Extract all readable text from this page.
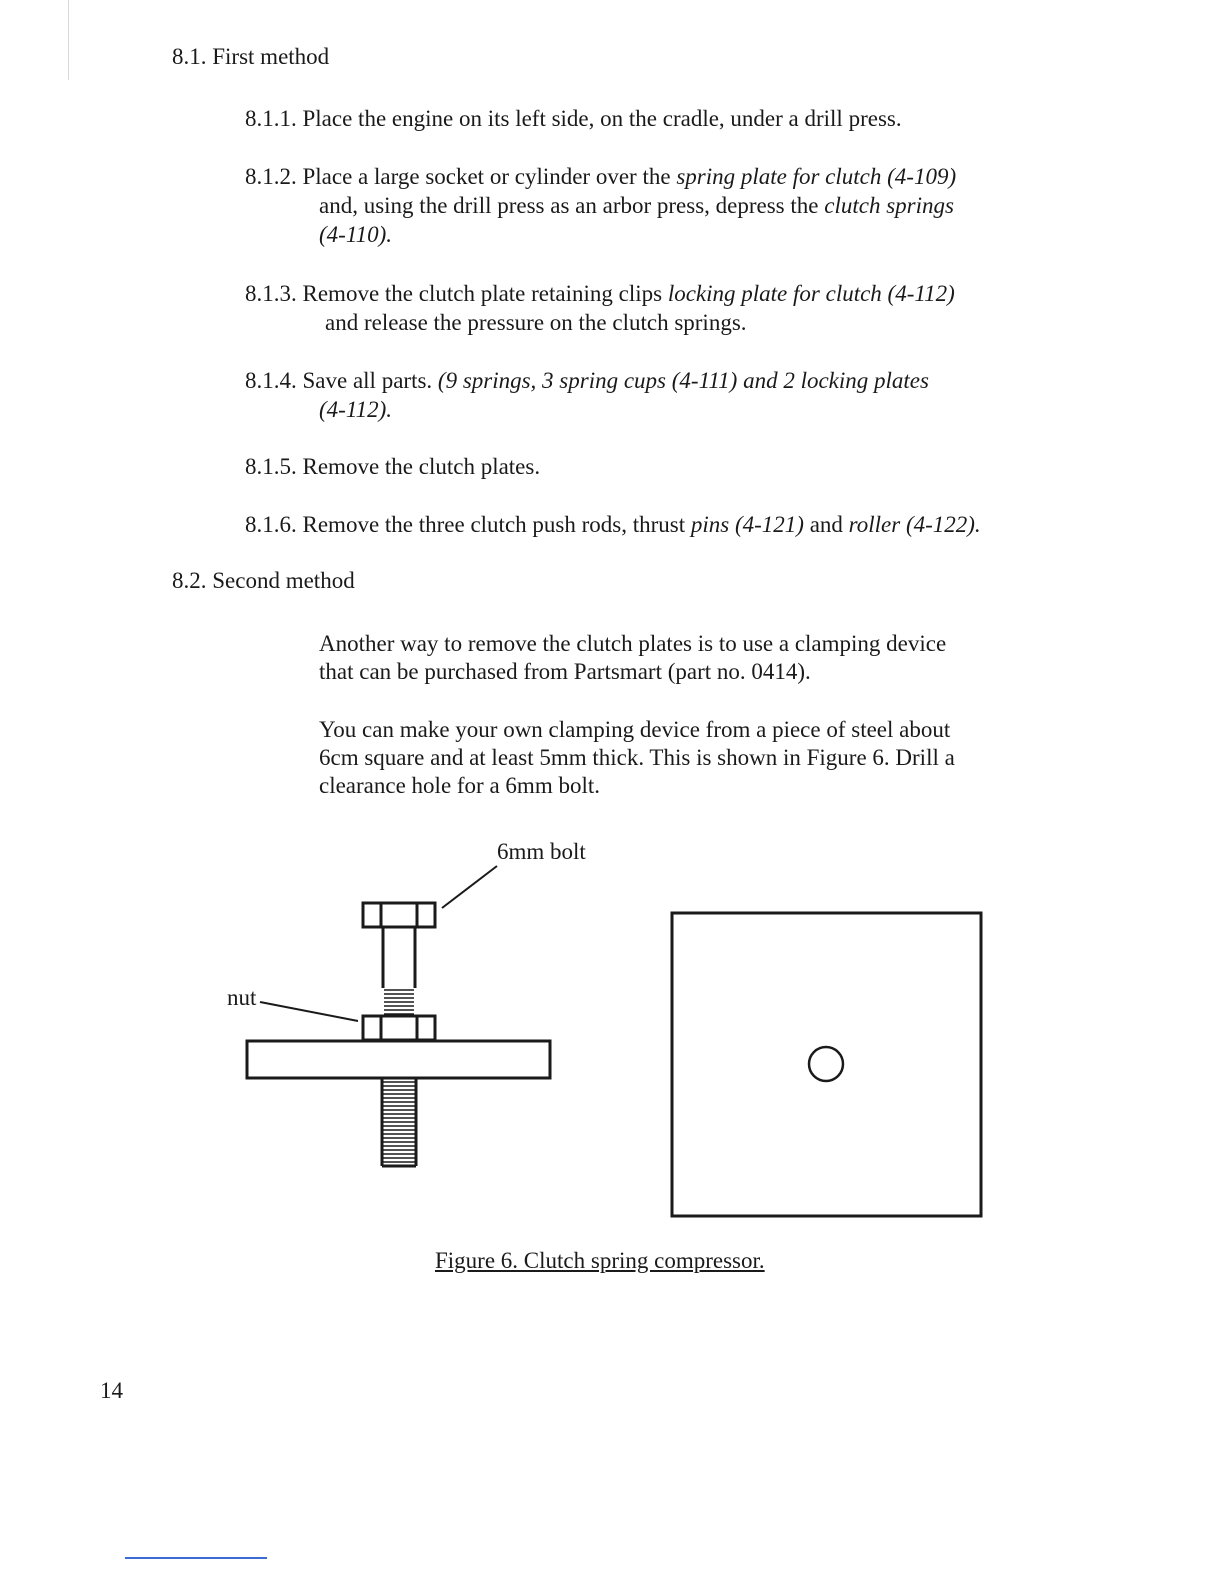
8.1. First method
8.1.1. Place the engine on its left side, on the cradle, under a drill press.
8.1.2. Place a large socket or cylinder over the spring plate for clutch (4-109)
and, using the drill press as an arbor press, depress the clutch springs
(4-110).
8.1.3. Remove the clutch plate retaining clips locking plate for clutch (4-112)
and release the pressure on the clutch springs.
8.1.4. Save all parts. (9 springs, 3 spring cups (4-111) and 2 locking plates
(4-112).
8.1.5. Remove the clutch plates.
8.1.6. Remove the three clutch push rods, thrust pins (4-121) and roller (4-122).
8.2. Second method

Another way to remove the clutch plates is to use a clamping device that can be purchased from Partsmart (part no. 0414).

You can make your own clamping device from a piece of steel about 6cm square and at least 5mm thick. This is shown in Figure 6. Drill a clearance hole for a 6mm bolt.

6mm bolt
nut
Figure 6. Clutch spring compressor.
14
